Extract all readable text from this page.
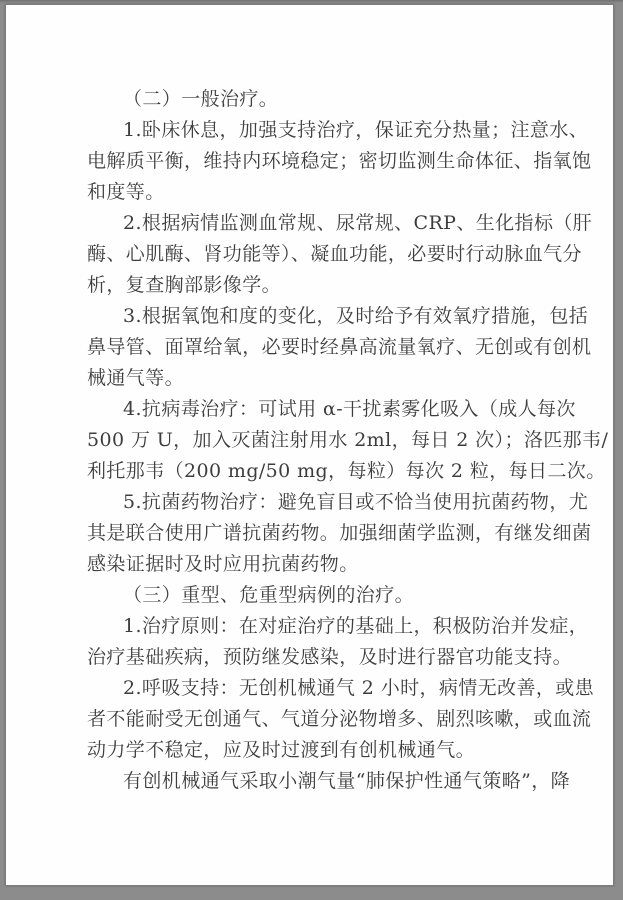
（二）一般治疗。
1.卧床休息，加强支持治疗，保证充分热量；注意水、
电解质平衡，维持内环境稳定；密切监测生命体征、指氧饱
和度等。
2.根据病情监测血常规、尿常规、CRP、生化指标（肝
酶、心肌酶、肾功能等）、凝血功能，必要时行动脉血气分
析，复查胸部影像学。
3.根据氧饱和度的变化，及时给予有效氧疗措施，包括
鼻导管、面罩给氧，必要时经鼻高流量氧疗、无创或有创机
械通气等。
4.抗病毒治疗：可试用 α-干扰素雾化吸入（成人每次
500 万 U，加入灭菌注射用水 2ml，每日 2 次）；洛匹那韦/
利托那韦（200 mg/50 mg，每粒）每次 2 粒，每日二次。
5.抗菌药物治疗：避免盲目或不恰当使用抗菌药物，尤
其是联合使用广谱抗菌药物。加强细菌学监测，有继发细菌
感染证据时及时应用抗菌药物。
（三）重型、危重型病例的治疗。
1.治疗原则：在对症治疗的基础上，积极防治并发症，
治疗基础疾病，预防继发感染，及时进行器官功能支持。
2.呼吸支持：无创机械通气 2 小时，病情无改善，或患
者不能耐受无创通气、气道分泌物增多、剧烈咳嗽，或血流
动力学不稳定，应及时过渡到有创机械通气。
有创机械通气采取小潮气量“肺保护性通气策略”，降
